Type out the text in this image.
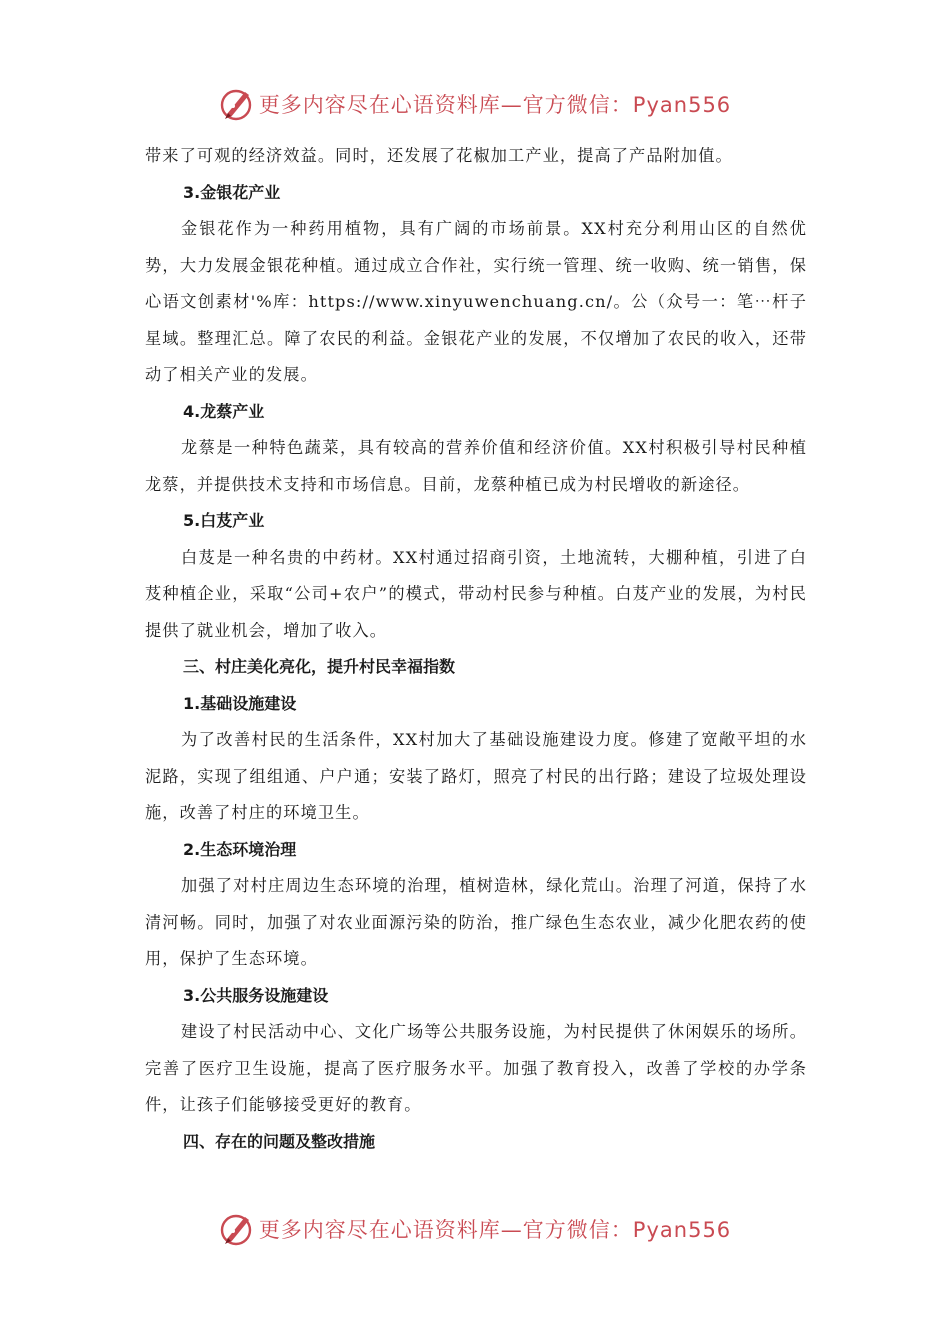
更多内容尽在心语资料库—官方微信：Pyan556

带来了可观的经济效益。同时，还发展了花椒加工产业，提高了产品附加值。

3.金银花产业

金银花作为一种药用植物，具有广阔的市场前景。XX村充分利用山区的自然优势，大力发展金银花种植。通过成立合作社，实行统一管理、统一收购、统一销售，保心语文创素材'%库：https://www.xinyuwenchuang.cn/。公（众号一：笔⋯杆子星域。整理汇总。障了农民的利益。金银花产业的发展，不仅增加了农民的收入，还带动了相关产业的发展。

4.龙蔡产业

龙蔡是一种特色蔬菜，具有较高的营养价值和经济价值。XX村积极引导村民种植龙蔡，并提供技术支持和市场信息。目前，龙蔡种植已成为村民增收的新途径。

5.白芨产业

白芨是一种名贵的中药材。XX村通过招商引资，土地流转，大棚种植，引进了白芨种植企业，采取“公司+农户”的模式，带动村民参与种植。白芨产业的发展，为村民提供了就业机会，增加了收入。

三、村庄美化亮化，提升村民幸福指数

1.基础设施建设

为了改善村民的生活条件，XX村加大了基础设施建设力度。修建了宽敞平坦的水泥路，实现了组组通、户户通；安装了路灯，照亮了村民的出行路；建设了垃圾处理设施，改善了村庄的环境卫生。

2.生态环境治理

加强了对村庄周边生态环境的治理，植树造林，绿化荒山。治理了河道，保持了水清河畅。同时，加强了对农业面源污染的防治，推广绿色生态农业，减少化肥农药的使用，保护了生态环境。

3.公共服务设施建设

建设了村民活动中心、文化广场等公共服务设施，为村民提供了休闲娱乐的场所。完善了医疗卫生设施，提高了医疗服务水平。加强了教育投入，改善了学校的办学条件，让孩子们能够接受更好的教育。

四、存在的问题及整改措施

更多内容尽在心语资料库—官方微信：Pyan556
